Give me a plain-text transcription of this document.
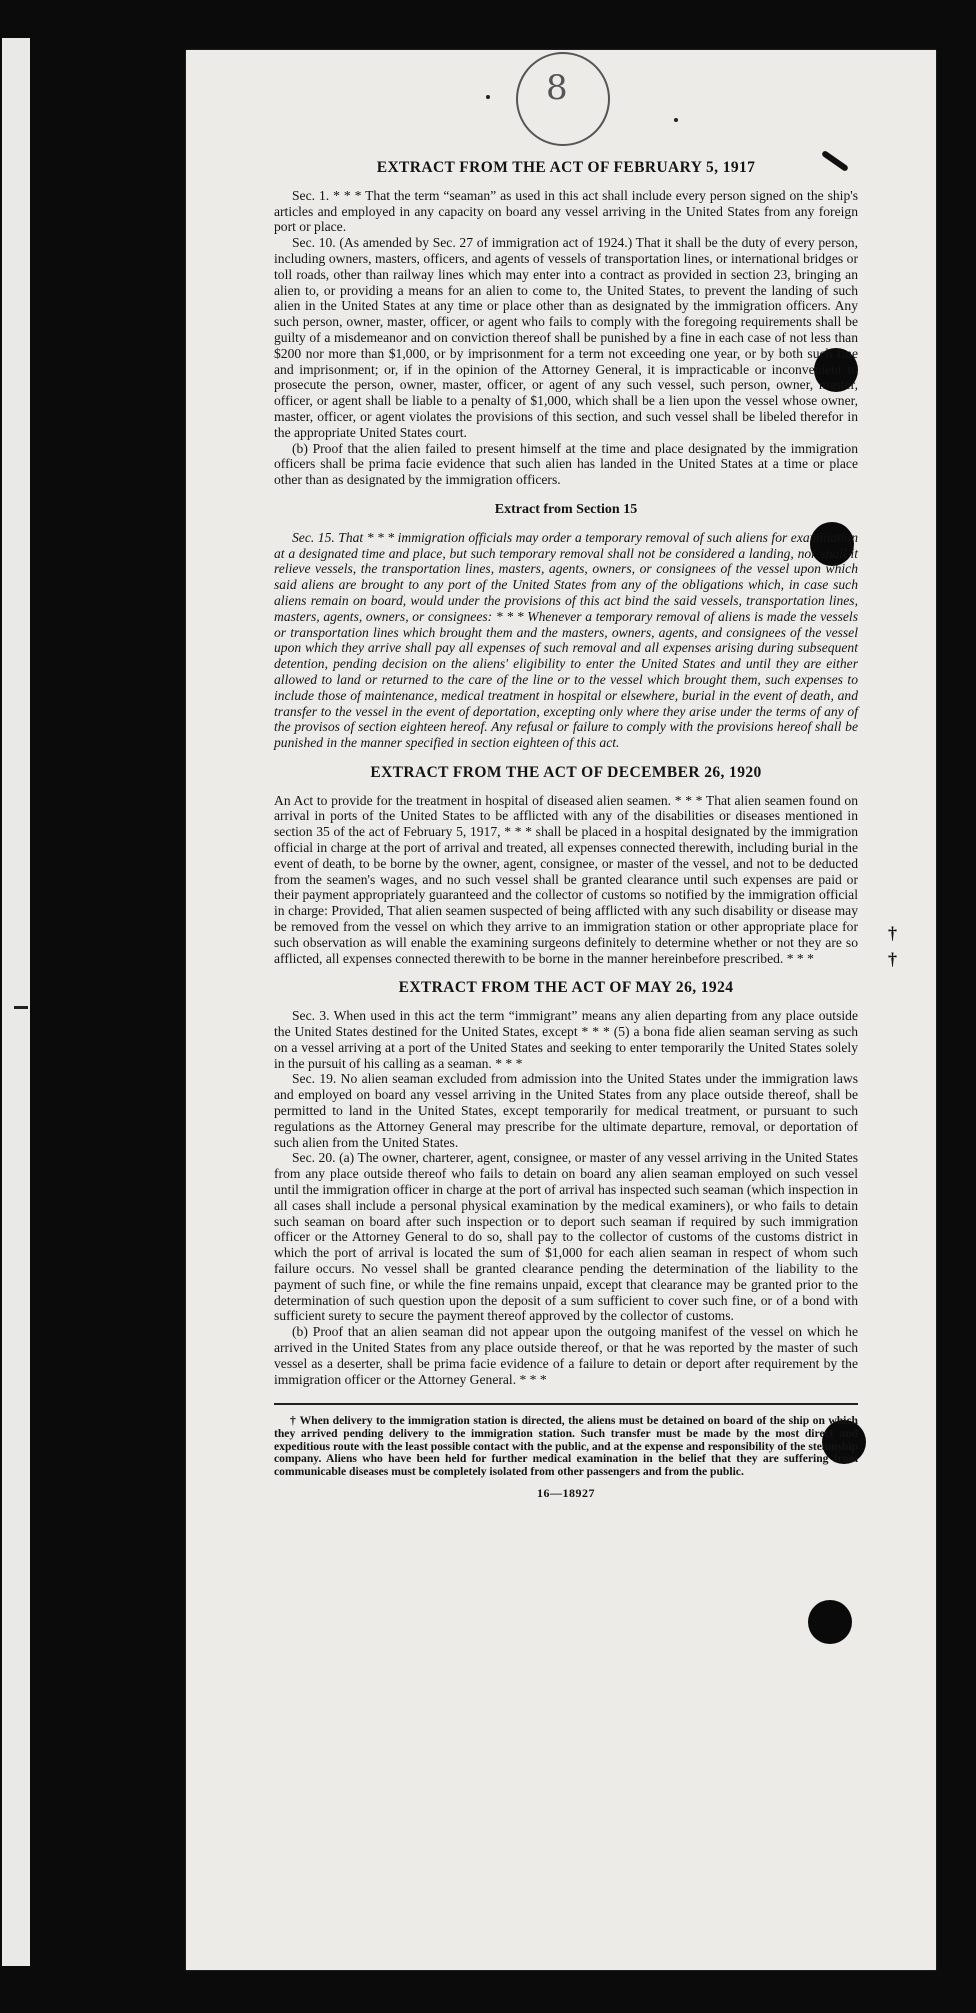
8
†
†
EXTRACT FROM THE ACT OF FEBRUARY 5, 1917

Sec. 1. * * * That the term “seaman” as used in this act shall include every person signed on the ship's articles and employed in any capacity on board any vessel arriving in the United States from any foreign port or place.

Sec. 10. (As amended by Sec. 27 of immigration act of 1924.) That it shall be the duty of every person, including owners, masters, officers, and agents of vessels of transportation lines, or international bridges or toll roads, other than railway lines which may enter into a contract as provided in section 23, bringing an alien to, or providing a means for an alien to come to, the United States, to prevent the landing of such alien in the United States at any time or place other than as designated by the immigration officers. Any such person, owner, master, officer, or agent who fails to comply with the foregoing requirements shall be guilty of a misdemeanor and on conviction thereof shall be punished by a fine in each case of not less than $200 nor more than $1,000, or by imprisonment for a term not exceeding one year, or by both such fine and imprisonment; or, if in the opinion of the Attorney General, it is impracticable or inconvenient to prosecute the person, owner, master, officer, or agent of any such vessel, such person, owner, master, officer, or agent shall be liable to a penalty of $1,000, which shall be a lien upon the vessel whose owner, master, officer, or agent violates the provisions of this section, and such vessel shall be libeled therefor in the appropriate United States court.

(b) Proof that the alien failed to present himself at the time and place designated by the immigration officers shall be prima facie evidence that such alien has landed in the United States at a time or place other than as designated by the immigration officers.

Extract from Section 15

Sec. 15. That * * * immigration officials may order a temporary removal of such aliens for examination at a designated time and place, but such temporary removal shall not be considered a landing, nor shall it relieve vessels, the transportation lines, masters, agents, owners, or consignees of the vessel upon which said aliens are brought to any port of the United States from any of the obligations which, in case such aliens remain on board, would under the provisions of this act bind the said vessels, transportation lines, masters, agents, owners, or consignees: * * * Whenever a temporary removal of aliens is made the vessels or transportation lines which brought them and the masters, owners, agents, and consignees of the vessel upon which they arrive shall pay all expenses of such removal and all expenses arising during subsequent detention, pending decision on the aliens' eligibility to enter the United States and until they are either allowed to land or returned to the care of the line or to the vessel which brought them, such expenses to include those of maintenance, medical treatment in hospital or elsewhere, burial in the event of death, and transfer to the vessel in the event of deportation, excepting only where they arise under the terms of any of the provisos of section eighteen hereof. Any refusal or failure to comply with the provisions hereof shall be punished in the manner specified in section eighteen of this act.

EXTRACT FROM THE ACT OF DECEMBER 26, 1920

An Act to provide for the treatment in hospital of diseased alien seamen. * * * That alien seamen found on arrival in ports of the United States to be afflicted with any of the disabilities or diseases mentioned in section 35 of the act of February 5, 1917, * * * shall be placed in a hospital designated by the immigration official in charge at the port of arrival and treated, all expenses connected therewith, including burial in the event of death, to be borne by the owner, agent, consignee, or master of the vessel, and not to be deducted from the seamen's wages, and no such vessel shall be granted clearance until such expenses are paid or their payment appropriately guaranteed and the collector of customs so notified by the immigration official in charge: Provided, That alien seamen suspected of being afflicted with any such disability or disease may be removed from the vessel on which they arrive to an immigration station or other appropriate place for such observation as will enable the examining surgeons definitely to determine whether or not they are so afflicted, all expenses connected therewith to be borne in the manner hereinbefore prescribed. * * *

EXTRACT FROM THE ACT OF MAY 26, 1924

Sec. 3. When used in this act the term “immigrant” means any alien departing from any place outside the United States destined for the United States, except * * * (5) a bona fide alien seaman serving as such on a vessel arriving at a port of the United States and seeking to enter temporarily the United States solely in the pursuit of his calling as a seaman. * * *

Sec. 19. No alien seaman excluded from admission into the United States under the immigration laws and employed on board any vessel arriving in the United States from any place outside thereof, shall be permitted to land in the United States, except temporarily for medical treatment, or pursuant to such regulations as the Attorney General may prescribe for the ultimate departure, removal, or deportation of such alien from the United States.

Sec. 20. (a) The owner, charterer, agent, consignee, or master of any vessel arriving in the United States from any place outside thereof who fails to detain on board any alien seaman employed on such vessel until the immigration officer in charge at the port of arrival has inspected such seaman (which inspection in all cases shall include a personal physical examination by the medical examiners), or who fails to detain such seaman on board after such inspection or to deport such seaman if required by such immigration officer or the Attorney General to do so, shall pay to the collector of customs of the customs district in which the port of arrival is located the sum of $1,000 for each alien seaman in respect of whom such failure occurs. No vessel shall be granted clearance pending the determination of the liability to the payment of such fine, or while the fine remains unpaid, except that clearance may be granted prior to the determination of such question upon the deposit of a sum sufficient to cover such fine, or of a bond with sufficient surety to secure the payment thereof approved by the collector of customs.

(b) Proof that an alien seaman did not appear upon the outgoing manifest of the vessel on which he arrived in the United States from any place outside thereof, or that he was reported by the master of such vessel as a deserter, shall be prima facie evidence of a failure to detain or deport after requirement by the immigration officer or the Attorney General. * * *

† When delivery to the immigration station is directed, the aliens must be detained on board of the ship on which they arrived pending delivery to the immigration station. Such transfer must be made by the most direct and expeditious route with the least possible contact with the public, and at the expense and responsibility of the steamship company. Aliens who have been held for further medical examination in the belief that they are suffering from communicable diseases must be completely isolated from other passengers and from the public.

16—18927
